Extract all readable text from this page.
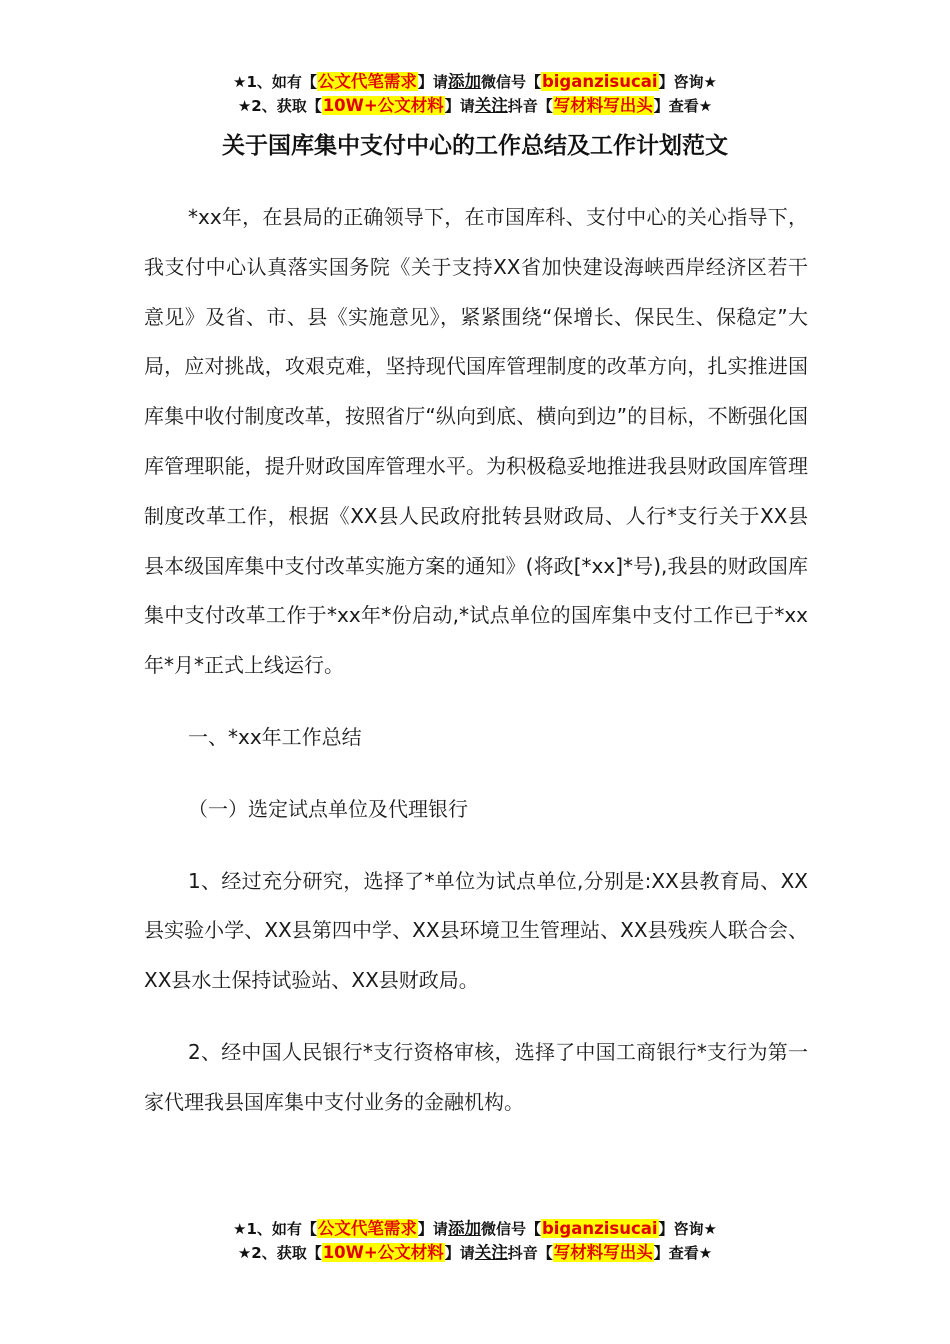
★1、如有【公文代笔需求】请添加微信号【biganzisucai】咨询★
★2、获取【10W+公文材料】请关注抖音【写材料写出头】查看★
关于国库集中支付中心的工作总结及工作计划范文

*xx年，在县局的正确领导下，在市国库科、支付中心的关心指导下，我支付中心认真落实国务院《关于支持XX省加快建设海峡西岸经济区若干意见》及省、市、县《实施意见》，紧紧围绕“保增长、保民生、保稳定”大局，应对挑战，攻艰克难，坚持现代国库管理制度的改革方向，扎实推进国库集中收付制度改革，按照省厅“纵向到底、横向到边”的目标，不断强化国库管理职能，提升财政国库管理水平。为积极稳妥地推进我县财政国库管理制度改革工作，根据《XX县人民政府批转县财政局、人行*支行关于XX县县本级国库集中支付改革实施方案的通知》(将政[*xx]*号),我县的财政国库集中支付改革工作于*xx年*份启动,*试点单位的国库集中支付工作已于*xx年*月*正式上线运行。

一、*xx年工作总结

（一）选定试点单位及代理银行

1、经过充分研究，选择了*单位为试点单位,分别是:XX县教育局、XX县实验小学、XX县第四中学、XX县环境卫生管理站、XX县残疾人联合会、XX县水土保持试验站、XX县财政局。

2、经中国人民银行*支行资格审核，选择了中国工商银行*支行为第一家代理我县国库集中支付业务的金融机构。

★1、如有【公文代笔需求】请添加微信号【biganzisucai】咨询★
★2、获取【10W+公文材料】请关注抖音【写材料写出头】查看★
